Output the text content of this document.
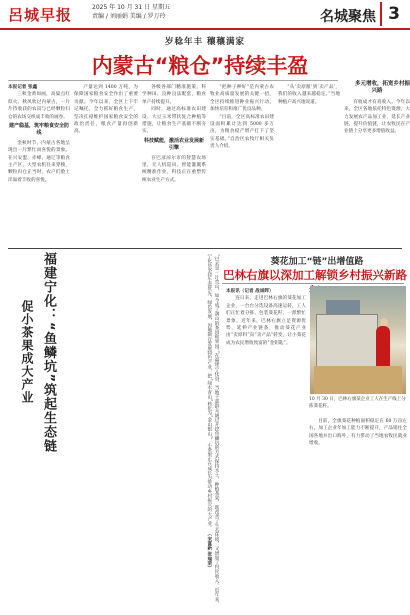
呂城早报	2025 年 10 月 31 日 星期五
责编 / 刘丽娟 美编 / 罗万玲	名城聚焦 3
岁稔年丰 穰穰满家
内蒙古“粮仓”持续丰盈

本报记者 张鑫

三秋金黄如画，高粱点红似火。秋风吹过内蒙古，一片片待收获的农田与已经颗粒归仓的农场交织成丰收的画卷。

建产稳基，筑牢粮食安全防线

金秋时节，内蒙古各地呈现出一片繁忙而喜悦的景象。在兴安盟、赤峰、通辽等粮食主产区，大型农机往来穿梭，颗粒归仓正当时，农户们脸上洋溢着丰收的喜悦。

产量达到 1400 万吨，为保障国家粮食安全作出了重要贡献。今年以来，全区上下牢记嘱托，全力抓好粮食生产，坚决扛稳维护国家粮食安全的政治责任，粮食产量再创新高。

各级各部门精准施策，科学种田、良种良法配套，粮食单产持续提升。

同时，通过高标准农田建设、大豆玉米带状复合种植等措施，让粮食生产基础不断夯实。

科技赋能，激活农业发展新引擎

在巴彦淖尔市的智慧农场里，无人机巡田、智能灌溉系统精准作业，科技正在重塑传统农业生产方式。

“把种子种好”是内蒙古农牧业高质量发展的关键一招。全区持续推进种业振兴行动，加快培育和推广优良品种。

“目前，全区高标准农田建设面积累计达到 5000 多万亩，为粮食稳产增产打下了坚实基础。”自治区农牧厅相关负责人介绍。

“从‘卖原粮’到‘卖产品’，我们的收入越来越稳定。”当地种植户高兴地说道。

多元增收，拓宽乡村振兴路

有收成才有真收入。今年以来，全区各地依托特色资源，大力发展农产品加工业，延长产业链、提升价值链，让农牧民在产业链上分享更多增值收益。

福建宁化：“鱼鳞坑”筑起生态链
促小茶果成大产业	“过去是一片荒山，如今成了满山的茶园和果园。”在福建宁化县，当地干部群众通过开挖鱼鳞坑的方式保持水土，种植茶果，既改善了生态环境，又增加了村民收入。近年来，宁化县坚持生态优先、绿色发展，因地制宜发展特色产业，把“绿水青山”转化为“金山银山”，小茶果正在成长为带动乡村振兴的大产业。 （宋富新 张瑞荣）
葵花加工“链”出增值路
巴林右旗以深加工解锁乡村振兴新路

本报讯（记者 战诚晖）

连日来，走进巴林右旗的葵花加工企业，一台台分选设备高速运转，工人们正忙着分拣、包装葵花籽，一派繁忙景象。近年来，巴林右旗立足资源优势，延伸产业链条，推动葵花产业由“卖原料”向“卖产品”转变，让小葵花成为农民增收致富的“金钥匙”。

10 月 30 日，巴林右旗某企业工人在生产线上分拣葵花籽。

目前，全旗葵花种植面积稳定在 60 万亩左右，加工企业年加工能力不断提升，产品销往全国各地并出口海外，有力带动了当地农牧民就业增收。
